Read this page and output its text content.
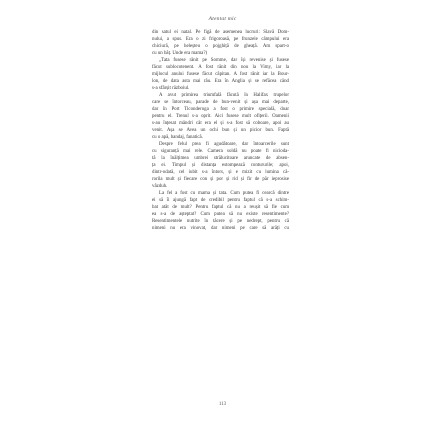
Atentat mic
din satul ei natal. Pe figă de asemenea lucruri: Slavă Dom-
nului, a spus. Era o zi frigoroasă, pe frunzele câmpului era
chiciură, pe heleșteu o pojghiță de gheață. Am spart-o
cu un băț. Unde era mama?)
„Tata fusese rănit pe Somme, dar își revenise și fusese
făcut sublocotenent. A fost rănit din nou la Vimy, iar la
mijlocul anului fusese făcut căpitan. A fost rănit iar la Bour-
lon, de data asta mai rău. Era în Anglia și se refăcea când
s-a sfârșit războiul.
A avut primirea triumfală făcută în Halifax trupelor
care se întorceau, parade de bun-venit și așa mai departe,
dar în Port Ticonderoga a fost o primire specială, doar
pentru el. Trenul s-a oprit. Aici fusese mult ofițerii. Oamenii
s-au înțesat mândri cât era el și s-a fost să coboare, apoi au
venit. Așa se Avea un ochi bun și un picior bun. Faptă
cu o apă, bandaj, fanatică.
Despre felul prea fi agudătoare, dar întoarcerile sunt
cu siguranță mai rele. Camera soldă nu poate fi nicioda-
tă la înălțimea umbrei strălucitoare aruncate de absen-
ța ei. Timpul și distanța estompează contururile; apoi,
dintr-odată, cel iubit s-a întors, și e mizit cu lumina că-
rorila mult și fiecare con și por și rid și fir de păr ieprosise
văzduh.
La fel a fost cu mama și tata. Cum putea fi cearcă dintre
ei să îi ajungă fapt de credibil pentru faptul că s-a schim-
bat atât de mult? Pentru faptul că nu a reușit să fie cum
ea s-a de așteptat? Cum putea să nu existe resentimente?
Resentimentele nutrite în tăcere și pe nedrept, pentru că
nimeni nu era vinovat, dar nimeni pe care să arăți cu
113
